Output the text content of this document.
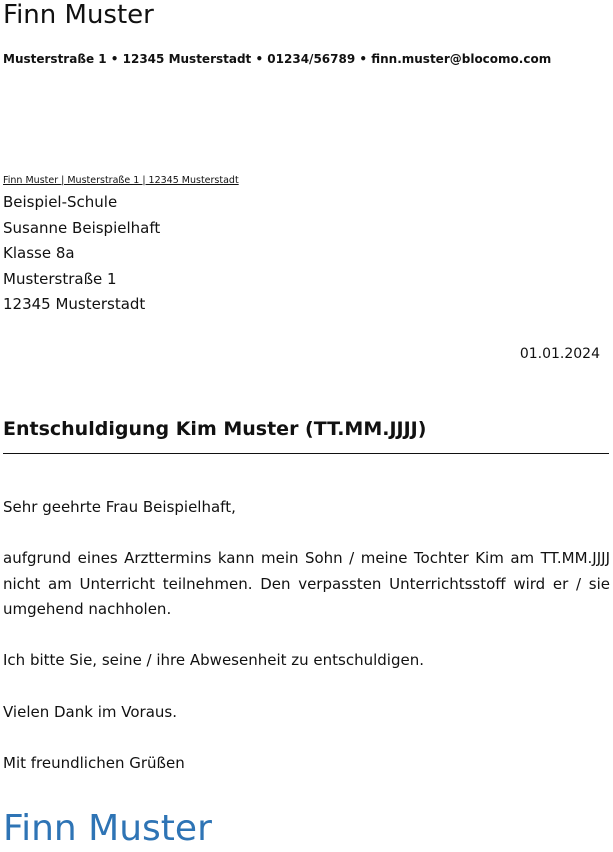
Finn Muster
Musterstraße 1 • 12345 Musterstadt • 01234/56789 • finn.muster@blocomo.com
Finn Muster | Musterstraße 1 | 12345 Musterstadt
Beispiel-Schule
Susanne Beispielhaft
Klasse 8a
Musterstraße 1
12345 Musterstadt
01.01.2024
Entschuldigung Kim Muster (TT.MM.JJJJ)
Sehr geehrte Frau Beispielhaft,
aufgrund eines Arzttermins kann mein Sohn / meine Tochter Kim am TT.MM.JJJJ nicht am Unterricht teilnehmen. Den verpassten Unterrichtsstoff wird er / sie umgehend nachholen.
Ich bitte Sie, seine / ihre Abwesenheit zu entschuldigen.
Vielen Dank im Voraus.
Mit freundlichen Grüßen
Finn Muster
